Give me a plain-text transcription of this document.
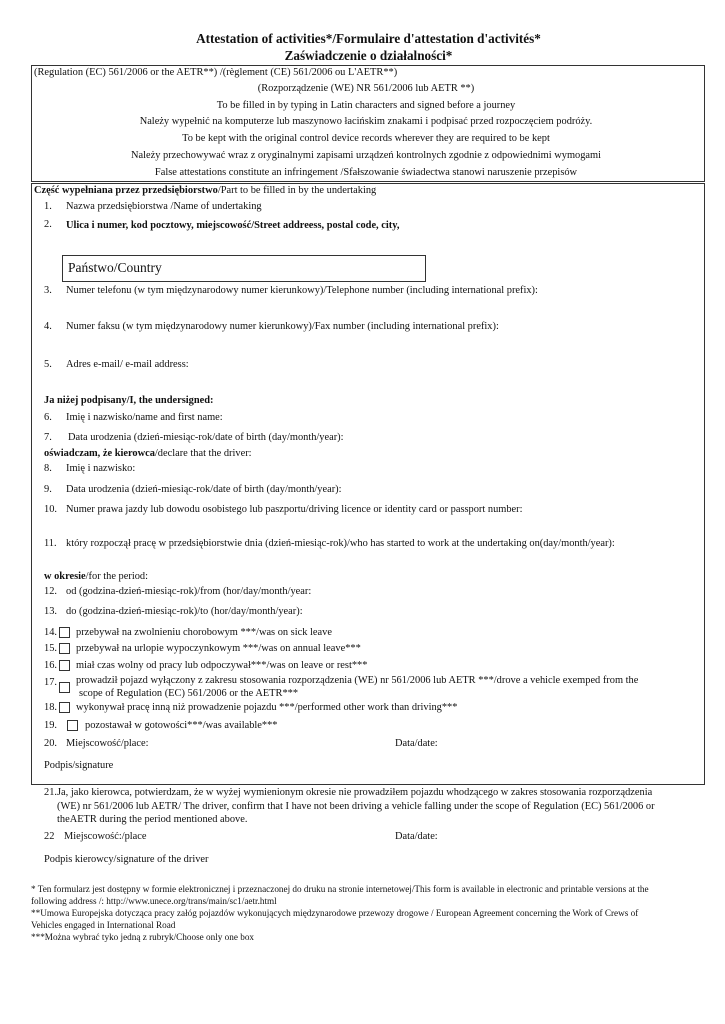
Attestation of activities*/Formulaire d'attestation d'activités*
Zaświadczenie o działalności*
(Regulation (EC) 561/2006 or the AETR**) /(règlement (CE) 561/2006 ou L'AETR**)
(Rozporządzenie (WE) NR 561/2006 lub AETR **)
To be filled in by typing in Latin characters and signed before a journey
Należy wypełnić na komputerze lub maszynowo łacińskim znakami i podpisać przed rozpoczęciem podróży.
To be kept with the original control device records wherever they are required to be kept
Należy przechowywać wraz z oryginalnymi zapisami urządzeń kontrolnych zgodnie z odpowiednimi wymogami
False attestations constitute an infringement /Sfałszowanie świadectwa stanowi naruszenie przepisów
Część wypełniana przez przedsiębiorstwo/Part to be filled in by the undertaking
1. Nazwa przedsiębiorstwa /Name of undertaking
2. Ulica i numer, kod pocztowy, miejscowość/Street addreess, postal code, city,
Państwo/Country
3. Numer telefonu (w tym międzynarodowy numer kierunkowy)/Telephone number (including international prefix):
4. Numer faksu (w tym międzynarodowy numer kierunkowy)/Fax number (including international prefix):
5. Adres e-mail/ e-mail address:
Ja niżej podpisany/I, the undersigned:
6. Imię i nazwisko/name and first name:
7. Data urodzenia (dzień-miesiąc-rok/date of birth (day/month/year):
oświadczam, że kierowca/declare that the driver:
8. Imię i nazwisko:
9. Data urodzenia (dzień-miesiąc-rok/date of birth (day/month/year):
10. Numer prawa jazdy lub dowodu osobistego lub paszportu/driving licence or identity card or passport number:
11. który rozpoczął pracę w przedsiębiorstwie dnia (dzień-miesiąc-rok)/who has started to work at the undertaking on(day/month/year):
w okresie/for the period:
12. od (godzina-dzień-miesiąc-rok)/from (hor/day/month/year:
13. do (godzina-dzień-miesiąc-rok)/to (hor/day/month/year):
14. przebywał na zwolnieniu chorobowym ***/was on sick leave
15. przebywał na urlopie wypoczynkowym ***/was on annual leave***
16. miał czas wolny od pracy lub odpoczywał***/was on leave or rest***
17. prowadził pojazd wyłączony z zakresu stosowania rozporządzenia (WE) nr 561/2006 lub AETR ***/drove a vehicle exemped from the
scope of Regulation (EC) 561/2006 or the AETR***
18. wykonywał pracę inną niż prowadzenie pojazdu ***/performed other work than driving***
19.	pozostawał w gotowości***/was available***
20. Miejscowość/place:	Data/date:
Podpis/signature
21. Ja, jako kierowca, potwierdzam, że w wyżej wymienionym okresie nie prowadziłem pojazdu whodzącego w zakres stosowania rozporządzenia
(WE) nr 561/2006 lub AETR/ The driver, confirm that I have not been driving a vehicle falling under the scope of Regulation (EC) 561/2006 or
theAETR during the period mentioned above.
22 Miejscowość:/place	Data/date:
Podpis kierowcy/signature of the driver
* Ten formularz jest dostępny w formie elektronicznej i przeznaczonej do druku na stronie internetowej/This form is available in electronic and printable versions at the
following address /: http://www.unece.org/trans/main/sc1/aetr.html
**Umowa Europejska dotycząca pracy załóg pojazdów wykonujących międzynarodowe przewozy drogowe / European Agreement concerning the Work of Crews of
Vehicles engaged in International Road
***Można wybrać tyko jedną z rubryk/Choose only one box
